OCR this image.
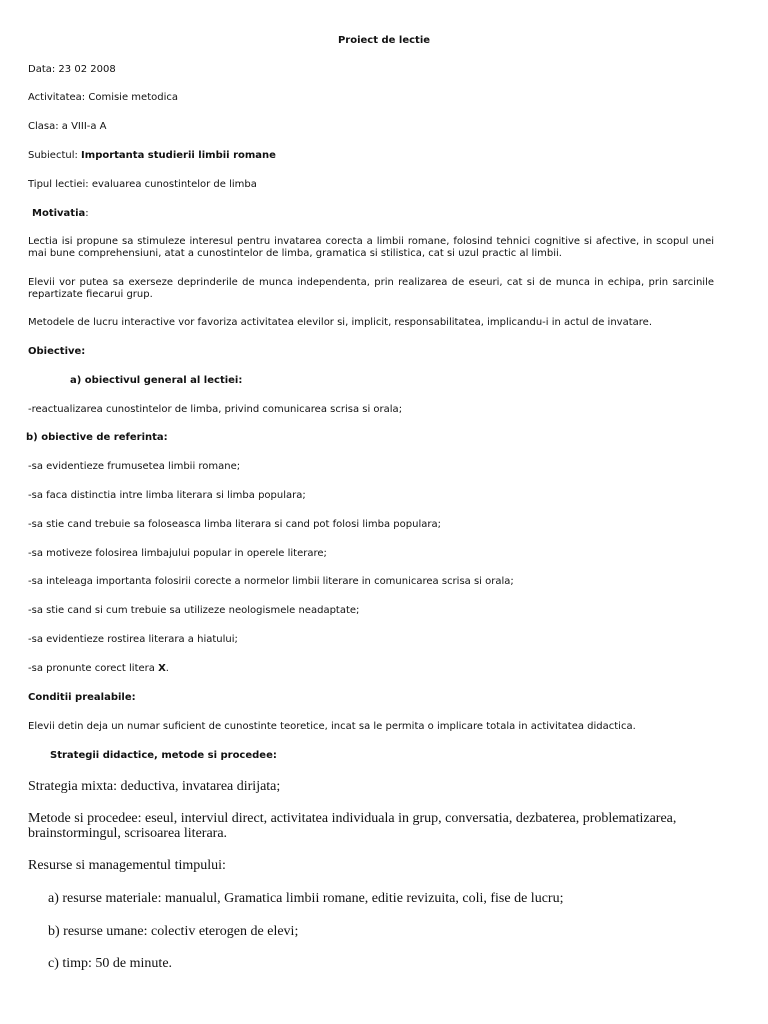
Proiect de lectie
Data: 23 02 2008
Activitatea: Comisie metodica
Clasa: a VIII-a A
Subiectul: Importanta studierii limbii romane
Tipul lectiei: evaluarea cunostintelor de limba
Motivatia:
Lectia isi propune sa stimuleze interesul pentru invatarea corecta a limbii romane, folosind tehnici cognitive si afective, in scopul unei mai bune comprehensiuni, atat a cunostintelor de limba, gramatica si stilistica, cat si uzul practic al limbii.
Elevii vor putea sa exerseze deprinderile de munca independenta, prin realizarea de eseuri, cat si de munca in echipa, prin sarcinile repartizate fiecarui grup.
Metodele de lucru interactive vor favoriza activitatea elevilor si, implicit, responsabilitatea, implicandu-i in actul de invatare.
Obiective:
a) obiectivul general al lectiei:
-reactualizarea cunostintelor de limba, privind comunicarea scrisa si orala;
b) obiective de referinta:
-sa evidentieze frumusetea limbii romane;
-sa faca distinctia intre limba literara si limba populara;
-sa stie cand trebuie sa foloseasca limba literara si cand pot folosi limba populara;
-sa motiveze folosirea limbajului popular in operele literare;
-sa inteleaga importanta folosirii corecte a normelor limbii literare in comunicarea scrisa si orala;
-sa stie cand si cum trebuie sa utilizeze neologismele neadaptate;
-sa evidentieze rostirea literara a hiatului;
-sa pronunte corect litera X.
Conditii prealabile:
Elevii detin deja un numar suficient de cunostinte teoretice, incat sa le permita o implicare totala in activitatea didactica.
Strategii didactice, metode si procedee:
Strategia mixta: deductiva, invatarea dirijata;
Metode si procedee: eseul, interviul direct, activitatea individuala in grup, conversatia, dezbaterea, problematizarea,
brainstormingul, scrisoarea literara.
Resurse si managementul timpului:
a) resurse materiale: manualul, Gramatica limbii romane, editie revizuita, coli, fise de lucru;
b) resurse umane: colectiv eterogen de elevi;
c) timp: 50 de minute.
